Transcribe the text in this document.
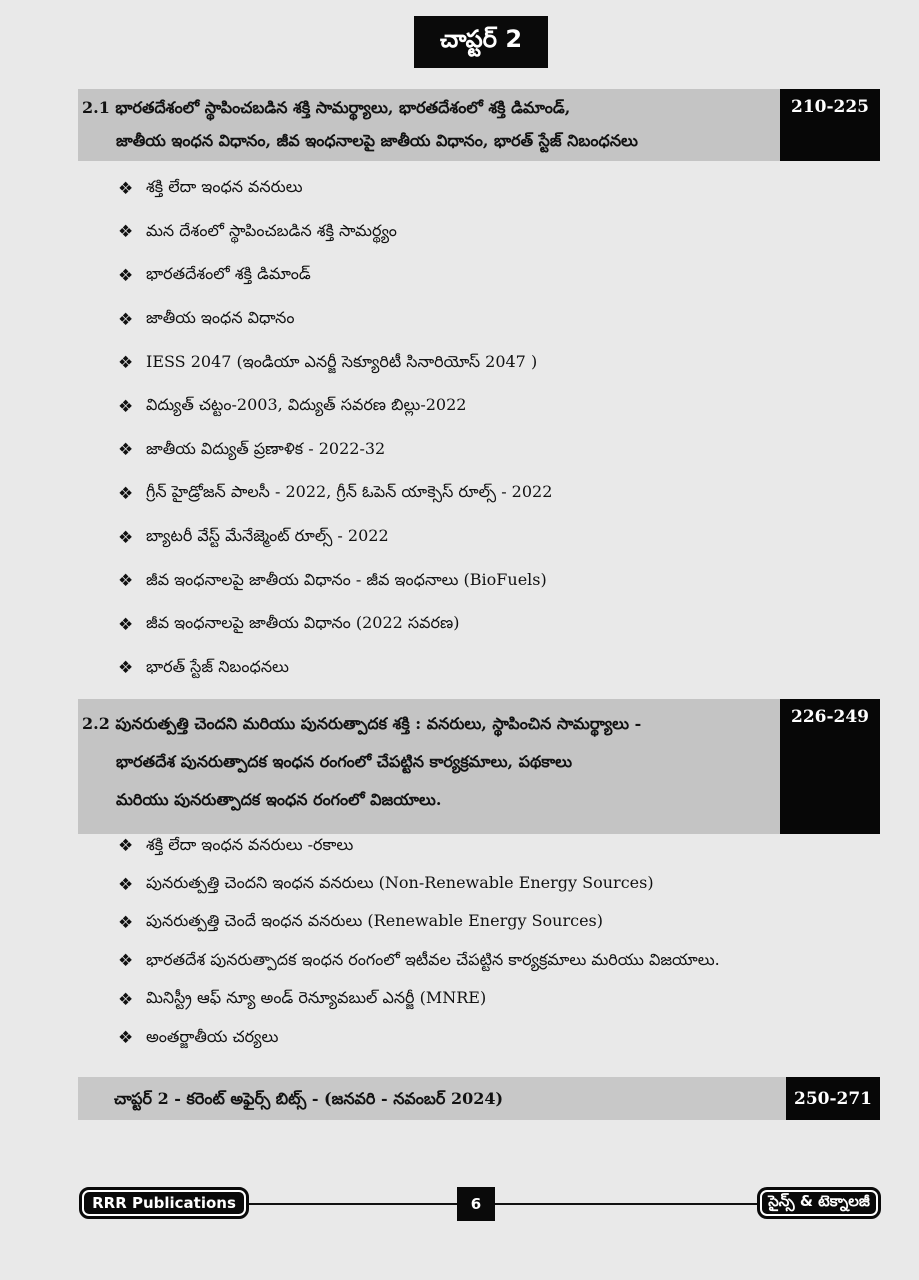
చాప్టర్ 2
2.1 భారతదేశంలో స్థాపించబడిన శక్తి సామర్థ్యాలు, భారతదేశంలో శక్తి డిమాండ్,
జాతీయ ఇంధన విధానం, జీవ ఇంధనాలపై జాతీయ విధానం, భారత్ స్టేజ్ నిబంధనలు
210-225
❖ శక్తి లేదా ఇంధన వనరులు
❖ మన దేశంలో స్థాపించబడిన శక్తి సామర్థ్యం
❖ భారతదేశంలో శక్తి డిమాండ్
❖ జాతీయ ఇంధన విధానం
❖ IESS 2047 (ఇండియా ఎనర్జీ సెక్యూరిటీ సినారియోస్ 2047 )
❖ విద్యుత్ చట్టం-2003, విద్యుత్ సవరణ బిల్లు-2022
❖ జాతీయ విద్యుత్ ప్రణాళిక - 2022-32
❖ గ్రీన్ హైడ్రోజన్ పాలసీ - 2022, గ్రీన్ ఓపెన్ యాక్సెస్ రూల్స్ - 2022
❖ బ్యాటరీ వేస్ట్ మేనేజ్మెంట్ రూల్స్ - 2022
❖ జీవ ఇంధనాలపై జాతీయ విధానం - జీవ ఇంధనాలు (BioFuels)
❖ జీవ ఇంధనాలపై జాతీయ విధానం (2022 సవరణ)
❖ భారత్ స్టేజ్ నిబంధనలు
2.2 పునరుత్పత్తి చెందని మరియు పునరుత్పాదక శక్తి : వనరులు, స్థాపించిన సామర్థ్యాలు -
భారతదేశ పునరుత్పాదక ఇంధన రంగంలో చేపట్టిన కార్యక్రమాలు, పథకాలు
మరియు పునరుత్పాదక ఇంధన రంగంలో విజయాలు.
226-249
❖ శక్తి లేదా ఇంధన వనరులు -రకాలు
❖ పునరుత్పత్తి చెందని ఇంధన వనరులు (Non-Renewable Energy Sources)
❖ పునరుత్పత్తి చెందే ఇంధన వనరులు (Renewable Energy Sources)
❖ భారతదేశ పునరుత్పాదక ఇంధన రంగంలో ఇటీవల చేపట్టిన కార్యక్రమాలు మరియు విజయాలు.
❖ మినిస్ట్రీ ఆఫ్ న్యూ అండ్ రెన్యూవబుల్ ఎనర్జీ (MNRE)
❖ అంతర్జాతీయ చర్యలు
చాప్టర్ 2 - కరెంట్ అఫైర్స్ బిట్స్ - (జనవరి - నవంబర్ 2024)	250-271
RRR Publications	6	సైన్స్ & టెక్నాలజీ
